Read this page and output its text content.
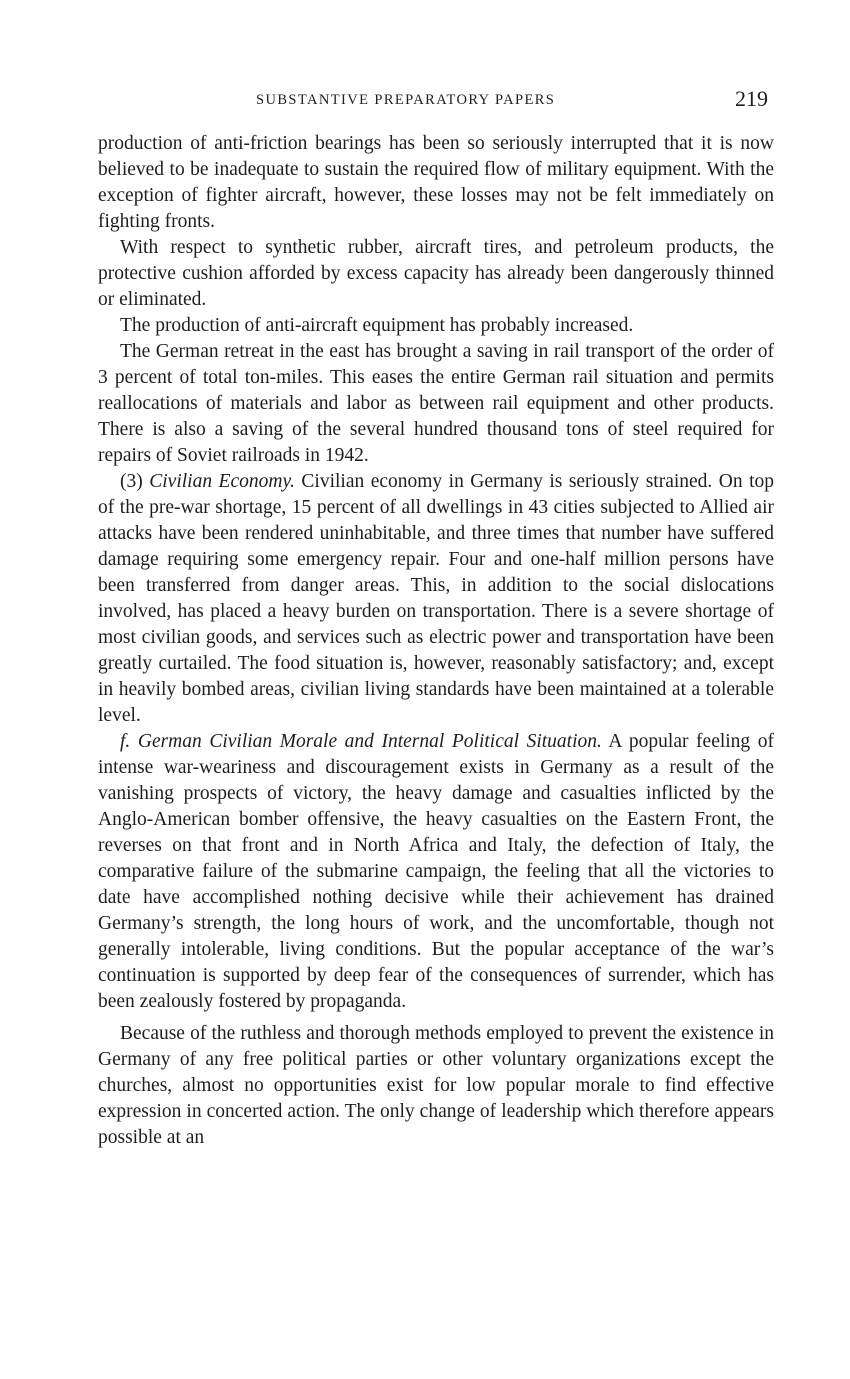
SUBSTANTIVE PREPARATORY PAPERS	219

production of anti-friction bearings has been so seriously interrupted that it is now believed to be inadequate to sustain the required flow of military equipment. With the exception of fighter aircraft, however, these losses may not be felt immediately on fighting fronts.

With respect to synthetic rubber, aircraft tires, and petroleum products, the protective cushion afforded by excess capacity has already been dangerously thinned or eliminated.

The production of anti-aircraft equipment has probably increased.

The German retreat in the east has brought a saving in rail transport of the order of 3 percent of total ton-miles. This eases the entire German rail situation and permits reallocations of materials and labor as between rail equipment and other products. There is also a saving of the several hundred thousand tons of steel required for repairs of Soviet railroads in 1942.

(3) Civilian Economy. Civilian economy in Germany is seriously strained. On top of the pre-war shortage, 15 percent of all dwellings in 43 cities subjected to Allied air attacks have been rendered uninhabitable, and three times that number have suffered damage requiring some emergency repair. Four and one-half million persons have been transferred from danger areas. This, in addition to the social dislocations involved, has placed a heavy burden on transportation. There is a severe shortage of most civilian goods, and services such as electric power and transportation have been greatly curtailed. The food situation is, however, reasonably satisfactory; and, except in heavily bombed areas, civilian living standards have been maintained at a tolerable level.

f. German Civilian Morale and Internal Political Situation. A popular feeling of intense war-weariness and discouragement exists in Germany as a result of the vanishing prospects of victory, the heavy damage and casualties inflicted by the Anglo-American bomber offensive, the heavy casualties on the Eastern Front, the reverses on that front and in North Africa and Italy, the defection of Italy, the comparative failure of the submarine campaign, the feeling that all the victories to date have accomplished nothing decisive while their achievement has drained Germany’s strength, the long hours of work, and the uncomfortable, though not generally intolerable, living conditions. But the popular acceptance of the war’s continuation is supported by deep fear of the consequences of surrender, which has been zealously fostered by propaganda.

Because of the ruthless and thorough methods employed to prevent the existence in Germany of any free political parties or other voluntary organizations except the churches, almost no opportunities exist for low popular morale to find effective expression in concerted action. The only change of leadership which therefore appears possible at an
